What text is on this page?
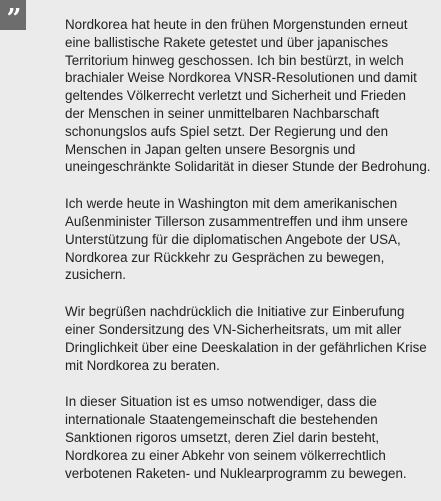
”	Nordkorea hat heute in den frühen Morgenstunden erneut
eine ballistische Rakete getestet und über japanisches
Territorium hinweg geschossen. Ich bin bestürzt, in welch
brachialer Weise Nordkorea VNSR-Resolutionen und damit
geltendes Völkerrecht verletzt und Sicherheit und Frieden
der Menschen in seiner unmittelbaren Nachbarschaft
schonungslos aufs Spiel setzt. Der Regierung und den
Menschen in Japan gelten unsere Besorgnis und
uneingeschränkte Solidarität in dieser Stunde der Bedrohung.

Ich werde heute in Washington mit dem amerikanischen
Außenminister Tillerson zusammentreffen und ihm unsere
Unterstützung für die diplomatischen Angebote der USA,
Nordkorea zur Rückkehr zu Gesprächen zu bewegen,
zusichern.

Wir begrüßen nachdrücklich die Initiative zur Einberufung
einer Sondersitzung des VN-Sicherheitsrats, um mit aller
Dringlichkeit über eine Deeskalation in der gefährlichen Krise
mit Nordkorea zu beraten.

In dieser Situation ist es umso notwendiger, dass die
internationale Staatengemeinschaft die bestehenden
Sanktionen rigoros umsetzt, deren Ziel darin besteht,
Nordkorea zu einer Abkehr von seinem völkerrechtlich
verbotenen Raketen- und Nuklearprogramm zu bewegen.
